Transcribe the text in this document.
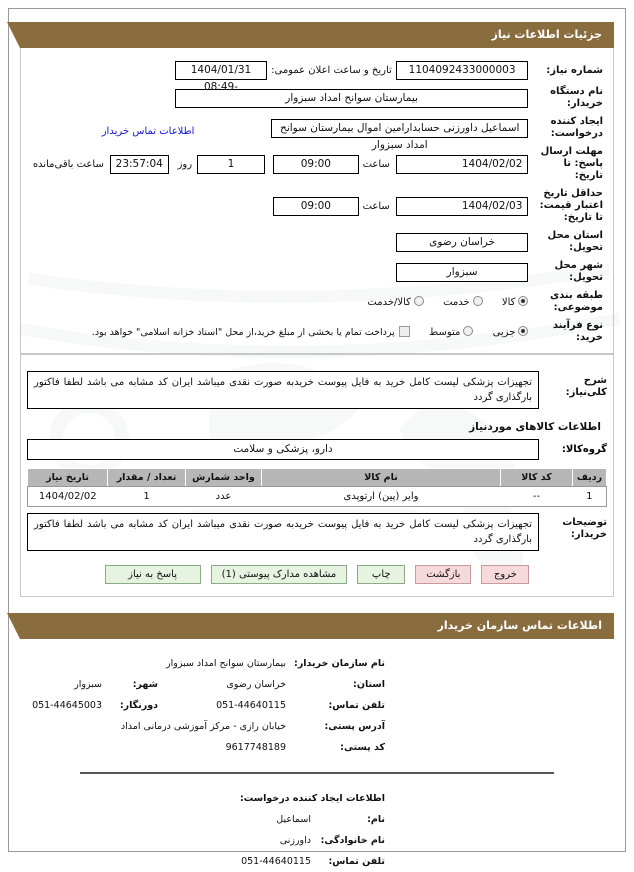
جزئیات اطلاعات نیاز
شماره نیاز:	
1104092433000003
	تاریخ و ساعت اعلان عمومی:	
1404/01/31 -08:49

نام دستگاه خریدار:	
بیمارستان سوانح امداد سبزوار

ایجاد کننده درخواست:	
اسماعیل داورزنی حسابدارامین اموال بیمارستان سوانح امداد سبزوار
	اطلاعات تماس خریدار
مهلت ارسال پاسخ: تا تاریخ:	
1404/02/02

ساعت	
09:00

1
	روز

23:57:04
	ساعت باقی‌مانده

حداقل تاریخ اعتبار قیمت: تا تاریخ:	
1404/02/03

ساعت	
09:00

استان محل تحویل:	
خراسان رضوی

شهر محل تحویل:	
سبزوار

طبقه بندی موضوعی:	کالا خدمت کالا/خدمت
نوع فرآیند خرید:	جزیی متوسط پرداخت تمام یا بخشی از مبلغ خرید،از محل "اسناد خزانه اسلامی" خواهد بود.
شرح کلی‌نیاز:
تجهیزات پزشکی لیست کامل خرید به فایل پیوست خریدبه صورت نقدی میباشد ایران کد مشابه می باشد لطفا فاکتور بارگذاری گردد
اطلاعات کالاهای موردنیاز
گروه‌کالا:
دارو، پزشکی و سلامت
ردیف	کد کالا	نام کالا	واحد شمارش	تعداد / مقدار	تاریخ نیاز
1	--	وایر (پین) ارتوپدی	عدد	1	1404/02/02
توضیحات خریدار:
تجهیزات پزشکی لیست کامل خرید به فایل پیوست خریدبه صورت نقدی میباشد ایران کد مشابه می باشد لطفا فاکتور بارگذاری گردد
خروج
بازگشت
چاپ
مشاهده مدارک پیوستی (1)
پاسخ به نیاز
اطلاعات تماس سازمان خریدار
	نام سازمان خریدار:	بیمارستان سوانح امداد سبزوار		
	استان:	خراسان رضوی	شهر:	سبزوار
	تلفن تماس:	051-44640115	دورنگار:	051-44645003
	آدرس پستی:	خیابان رازی - مرکز آموزشی درمانی امداد		
	کد پستی:	9617748189		
	اطلاعات ایجاد کننده درخواست:		
	نام:	اسماعیل	
	نام خانوادگی:	داورزنی	
	تلفن تماس:	051-44640115	
